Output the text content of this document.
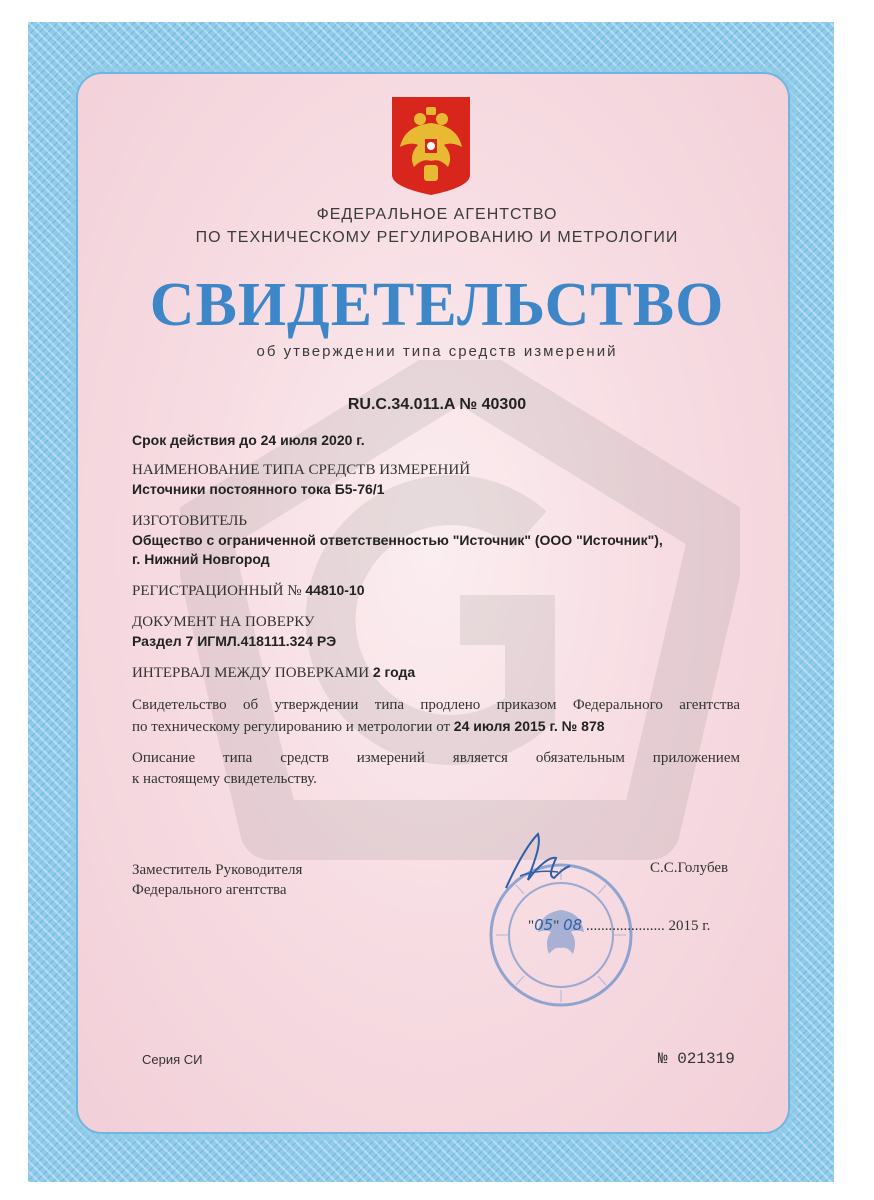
ФЕДЕРАЛЬНОЕ АГЕНТСТВО
ПО ТЕХНИЧЕСКОМУ РЕГУЛИРОВАНИЮ И МЕТРОЛОГИИ
СВИДЕТЕЛЬСТВО
об утверждении типа средств измерений
RU.C.34.011.A № 40300
Срок действия до 24 июля 2020 г.
НАИМЕНОВАНИЕ ТИПА СРЕДСТВ ИЗМЕРЕНИЙ
Источники постоянного тока Б5-76/1
ИЗГОТОВИТЕЛЬ
Общество с ограниченной ответственностью "Источник" (ООО "Источник"),
г. Нижний Новгород
РЕГИСТРАЦИОННЫЙ № 44810-10
ДОКУМЕНТ НА ПОВЕРКУ
Раздел 7 ИГМЛ.418111.324 РЭ
ИНТЕРВАЛ МЕЖДУ ПОВЕРКАМИ 2 года
Свидетельство об утверждении типа продлено приказом Федерального агентства
по техническому регулированию и метрологии от 24 июля 2015 г. № 878
Описание типа средств измерений является обязательным приложением
к настоящему свидетельству.
Заместитель Руководителя
Федерального агентства
С.С.Голубев
"05" 08 ..................... 2015 г.
Серия СИ	№ 021319
